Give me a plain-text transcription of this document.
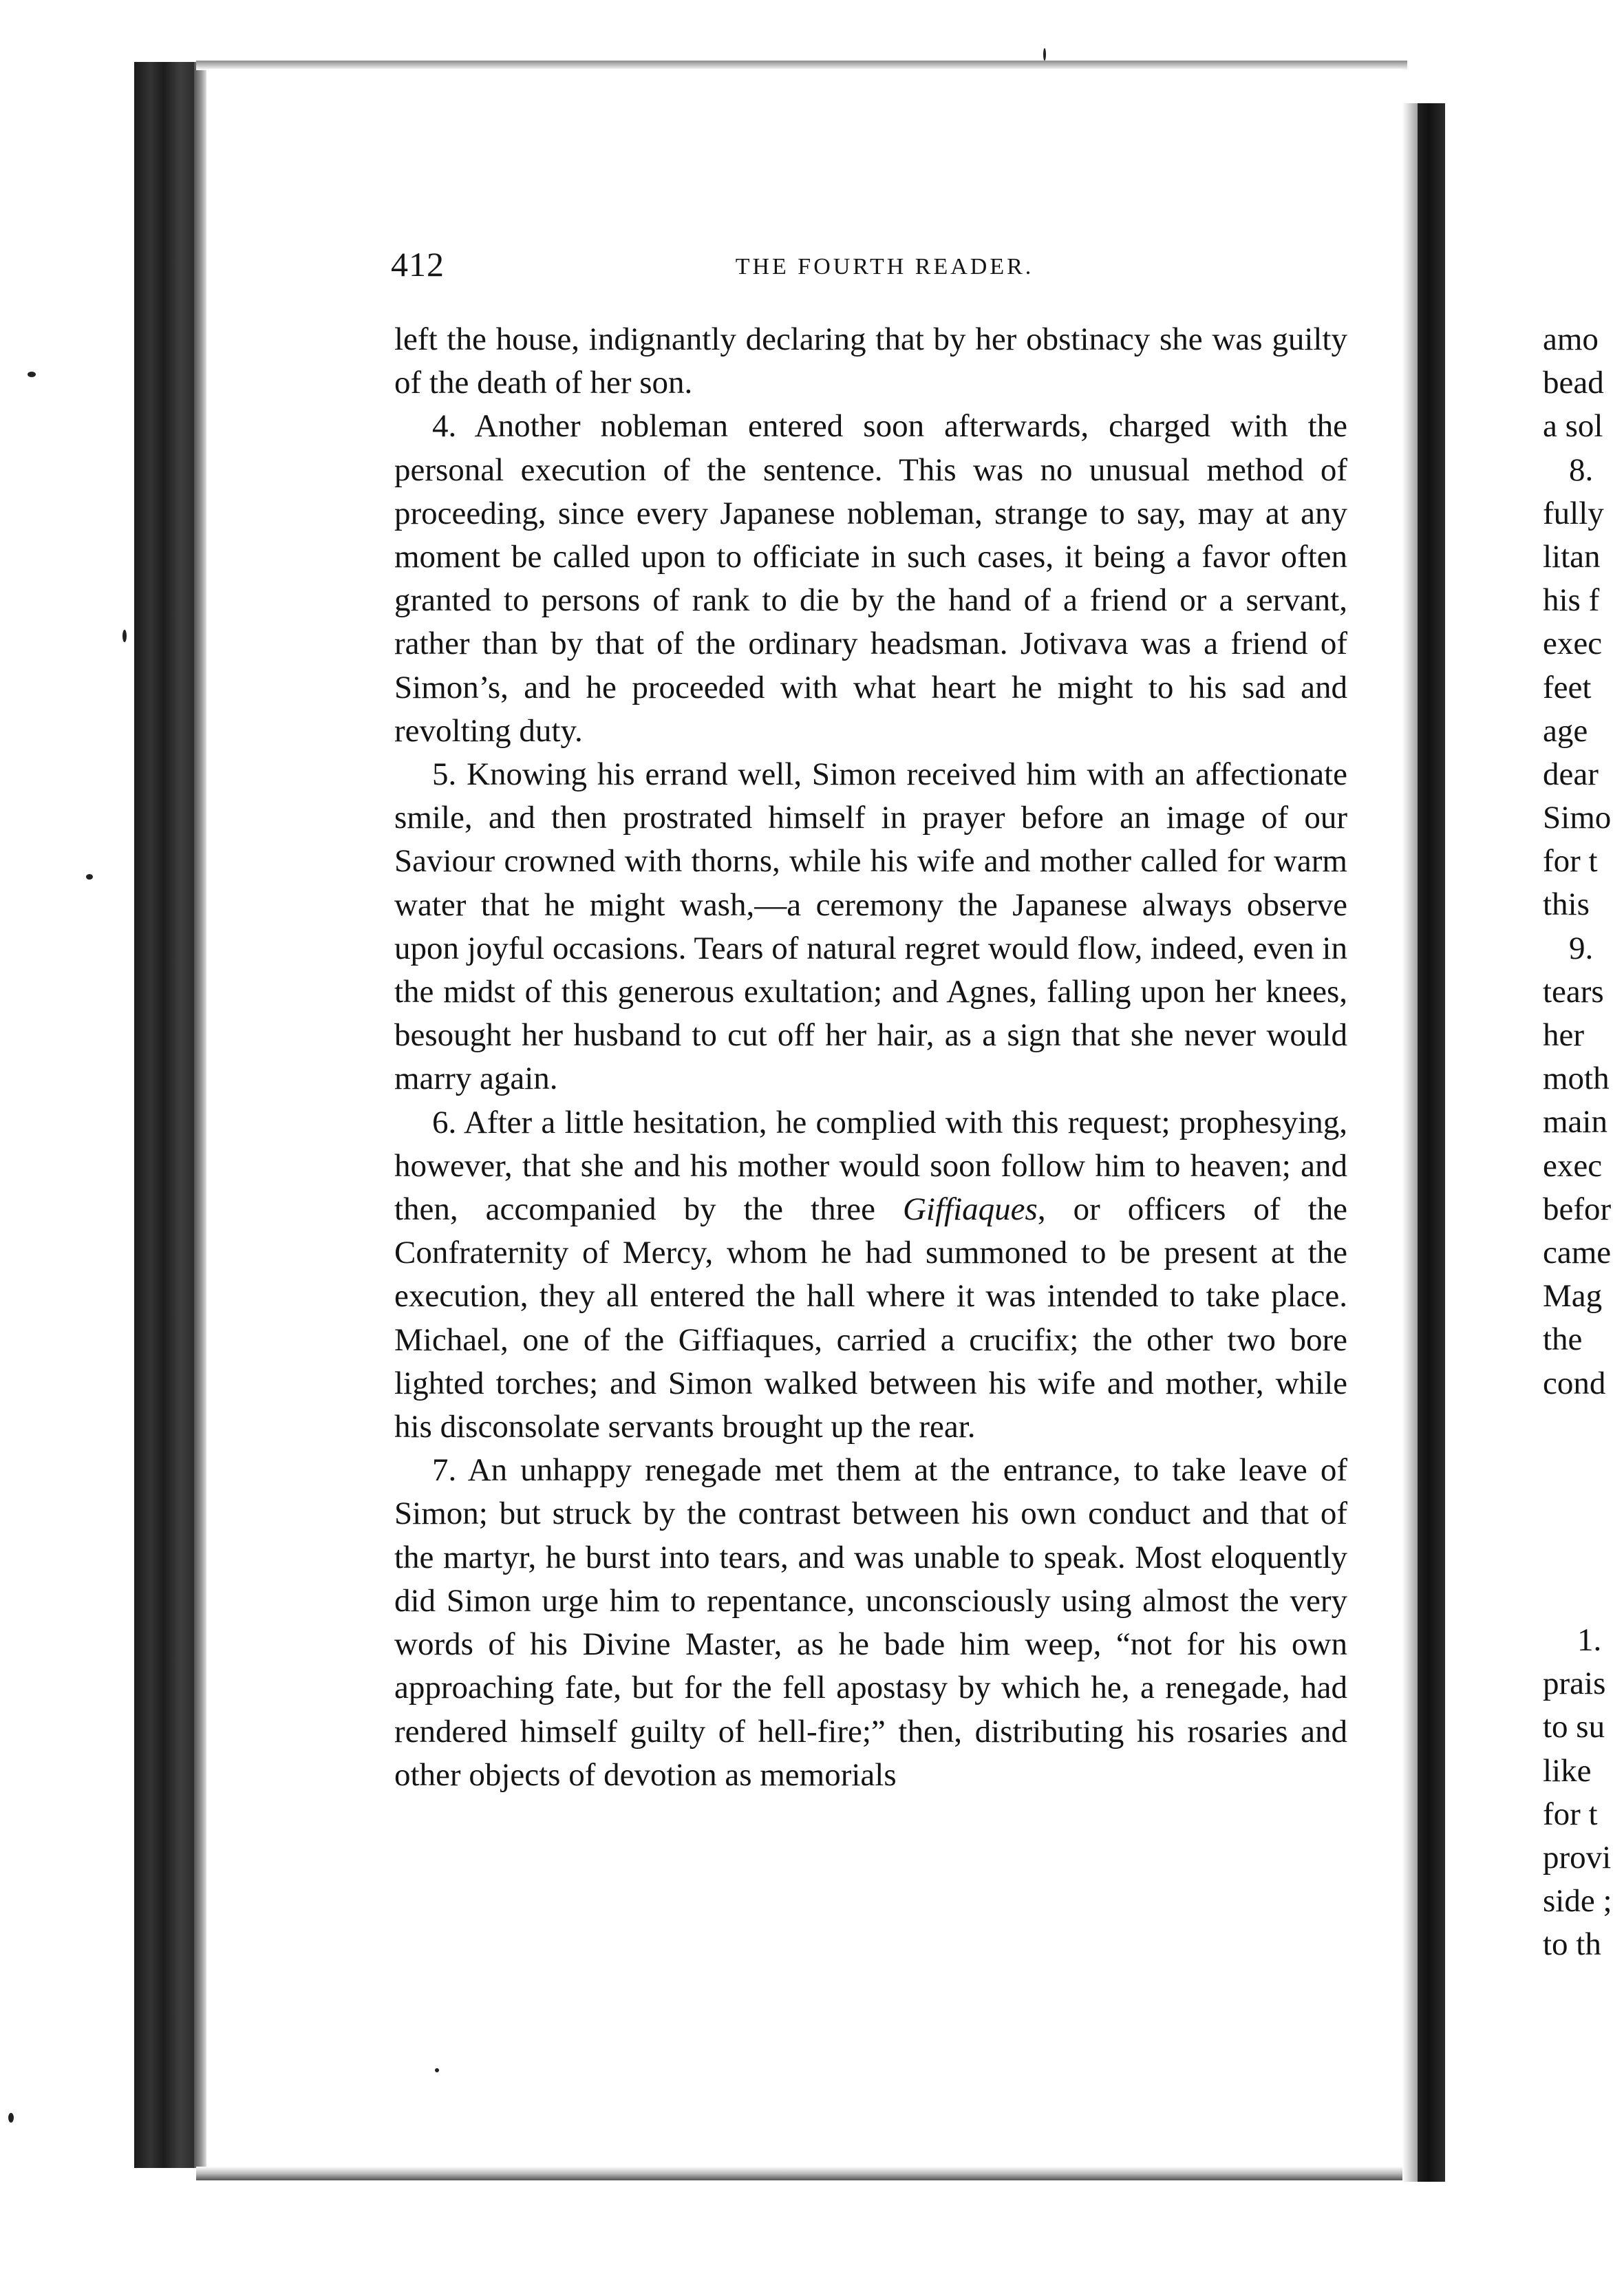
412	THE FOURTH READER.

left the house, indignantly declaring that by her obstinacy she was guilty of the death of her son.

4. Another nobleman entered soon afterwards, charged with the personal execution of the sentence. This was no unusual method of proceeding, since every Japanese nobleman, strange to say, may at any moment be called upon to officiate in such cases, it being a favor often granted to persons of rank to die by the hand of a friend or a servant, rather than by that of the ordinary headsman. Jotivava was a friend of Simon’s, and he proceeded with what heart he might to his sad and revolting duty.

5. Knowing his errand well, Simon received him with an affectionate smile, and then prostrated himself in prayer before an image of our Saviour crowned with thorns, while his wife and mother called for warm water that he might wash,—a ceremony the Japanese always observe upon joyful occasions. Tears of natural regret would flow, indeed, even in the midst of this generous exultation; and Agnes, falling upon her knees, besought her husband to cut off her hair, as a sign that she never would marry again.

6. After a little hesitation, he complied with this request; prophesying, however, that she and his mother would soon follow him to heaven; and then, accompanied by the three Giffiaques, or officers of the Confraternity of Mercy, whom he had summoned to be present at the execution, they all entered the hall where it was intended to take place. Michael, one of the Giffiaques, carried a crucifix; the other two bore lighted torches; and Simon walked between his wife and mother, while his disconsolate servants brought up the rear.

7. An unhappy renegade met them at the entrance, to take leave of Simon; but struck by the contrast between his own conduct and that of the martyr, he burst into tears, and was unable to speak. Most eloquently did Simon urge him to repentance, unconsciously using almost the very words of his Divine Master, as he bade him weep, “not for his own approaching fate, but for the fell apostasy by which he, a renegade, had rendered himself guilty of hell-fire;” then, distributing his rosaries and other objects of devotion as memorials

amo
bead
a sol
8.
fully
litan
his f
exec
feet
age
dear
Simo
for t
this
9.
tears
her
moth
main
exec
befor
came
Mag
the
cond
1.
prais
to su
like
for t
provi
side ;
to th
